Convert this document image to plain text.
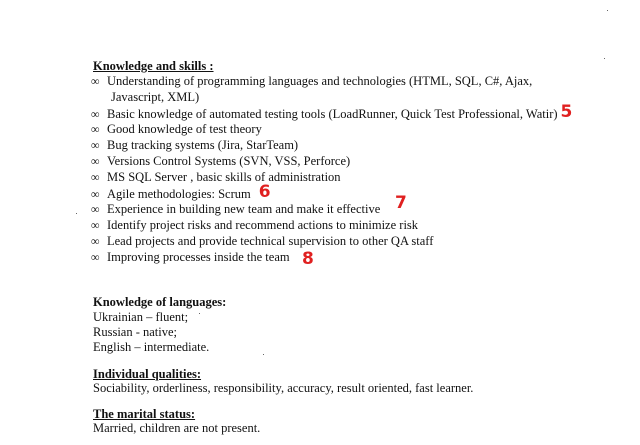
Knowledge and skills :
∞ Understanding of programming languages and technologies (HTML, SQL, C#, Ajax,
Javascript, XML)
∞ Basic knowledge of automated testing tools (LoadRunner, Quick Test Professional, Watir) 5
∞ Good knowledge of test theory
∞ Bug tracking systems (Jira, StarTeam)
∞ Versions Control Systems (SVN, VSS, Perforce)
∞ MS SQL Server , basic skills of administration
∞ Agile methodologies: Scrum 6
∞ Experience in building new team and make it effective 7
∞ Identify project risks and recommend actions to minimize risk
∞ Lead projects and provide technical supervision to other QA staff
∞ Improving processes inside the team 8
Knowledge of languages:
Ukrainian – fluent;
Russian - native;
English – intermediate.
Individual qualities:
Sociability, orderliness, responsibility, accuracy, result oriented, fast learner.
The marital status:
Married, children are not present.
